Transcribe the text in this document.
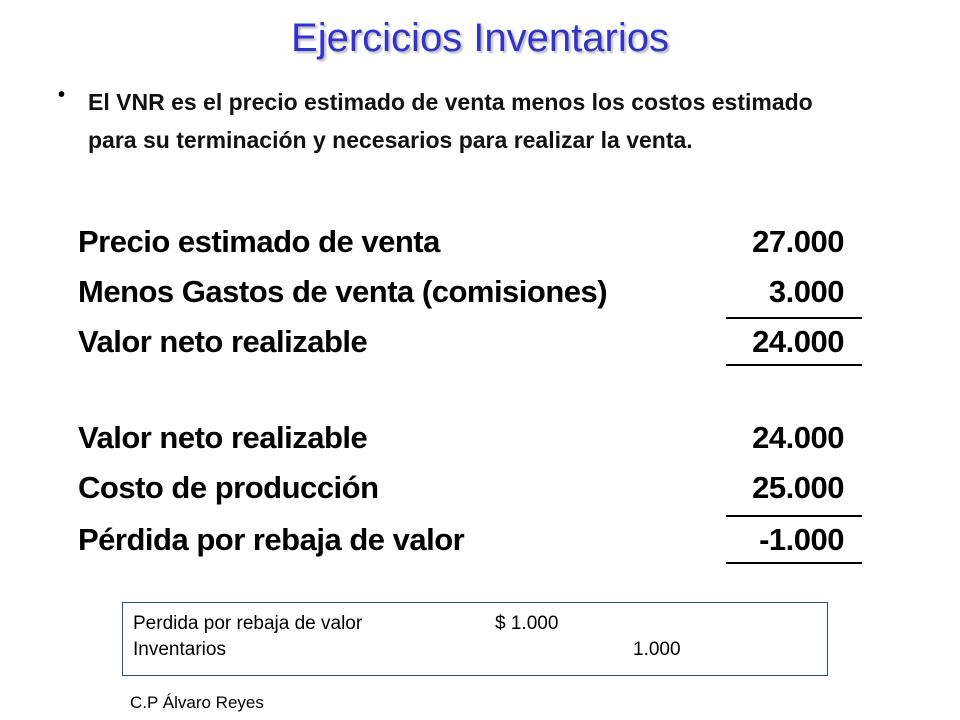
Ejercicios Inventarios
• El VNR es el precio estimado de venta menos los costos estimado para su terminación y necesarios para realizar la venta.
Precio estimado de venta	27.000
Menos Gastos de venta (comisiones)	3.000
Valor neto realizable	24.000
Valor neto realizable	24.000
Costo de producción	25.000
Pérdida por rebaja de valor	-1.000
Perdida por rebaja de valor	$ 1.000
Inventarios	1.000
C.P Álvaro Reyes
